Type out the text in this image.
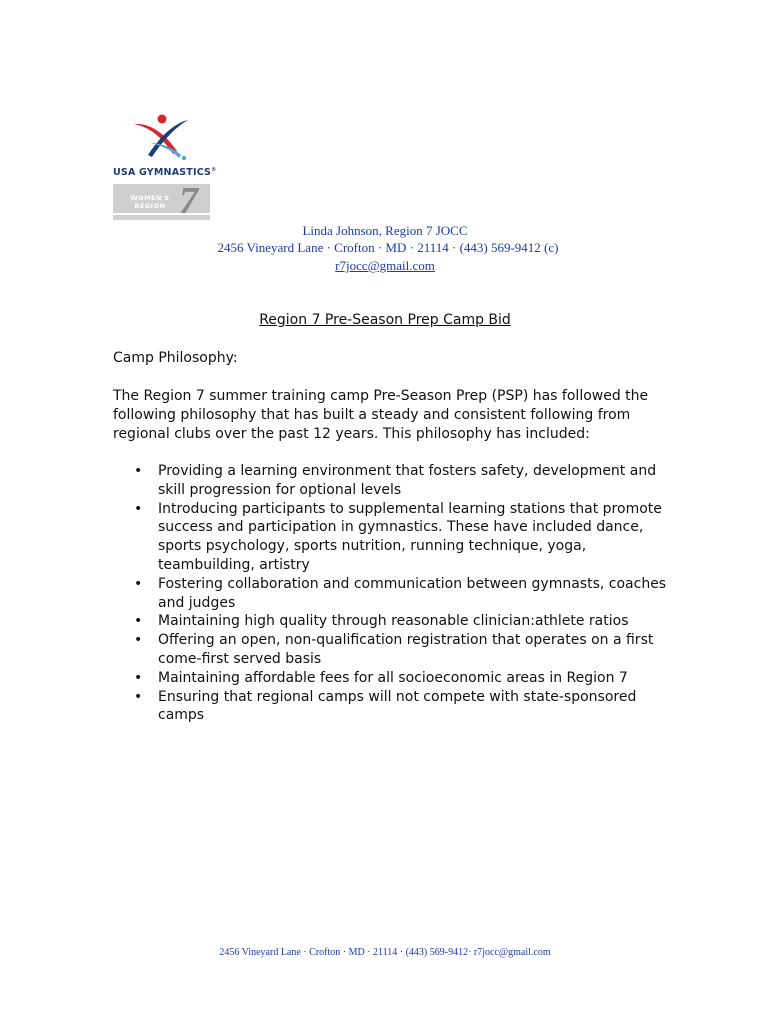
USA GYMNASTICS®
WOMEN'S
REGION 7
Linda Johnson, Region 7 JOCC
2456 Vineyard Lane · Crofton · MD · 21114 · (443) 569-9412 (c)
r7jocc@gmail.com
Region 7 Pre-Season Prep Camp Bid
Camp Philosophy:

The Region 7 summer training camp Pre-Season Prep (PSP) has followed the following philosophy that has built a steady and consistent following from regional clubs over the past 12 years. This philosophy has included:

• Providing a learning environment that fosters safety, development and skill progression for optional levels
• Introducing participants to supplemental learning stations that promote success and participation in gymnastics. These have included dance, sports psychology, sports nutrition, running technique, yoga, teambuilding, artistry
• Fostering collaboration and communication between gymnasts, coaches and judges
• Maintaining high quality through reasonable clinician:athlete ratios
• Offering an open, non-qualification registration that operates on a first come-first served basis
• Maintaining affordable fees for all socioeconomic areas in Region 7
• Ensuring that regional camps will not compete with state-sponsored camps
2456 Vineyard Lane · Crofton · MD · 21114 · (443) 569-9412· r7jocc@gmail.com
